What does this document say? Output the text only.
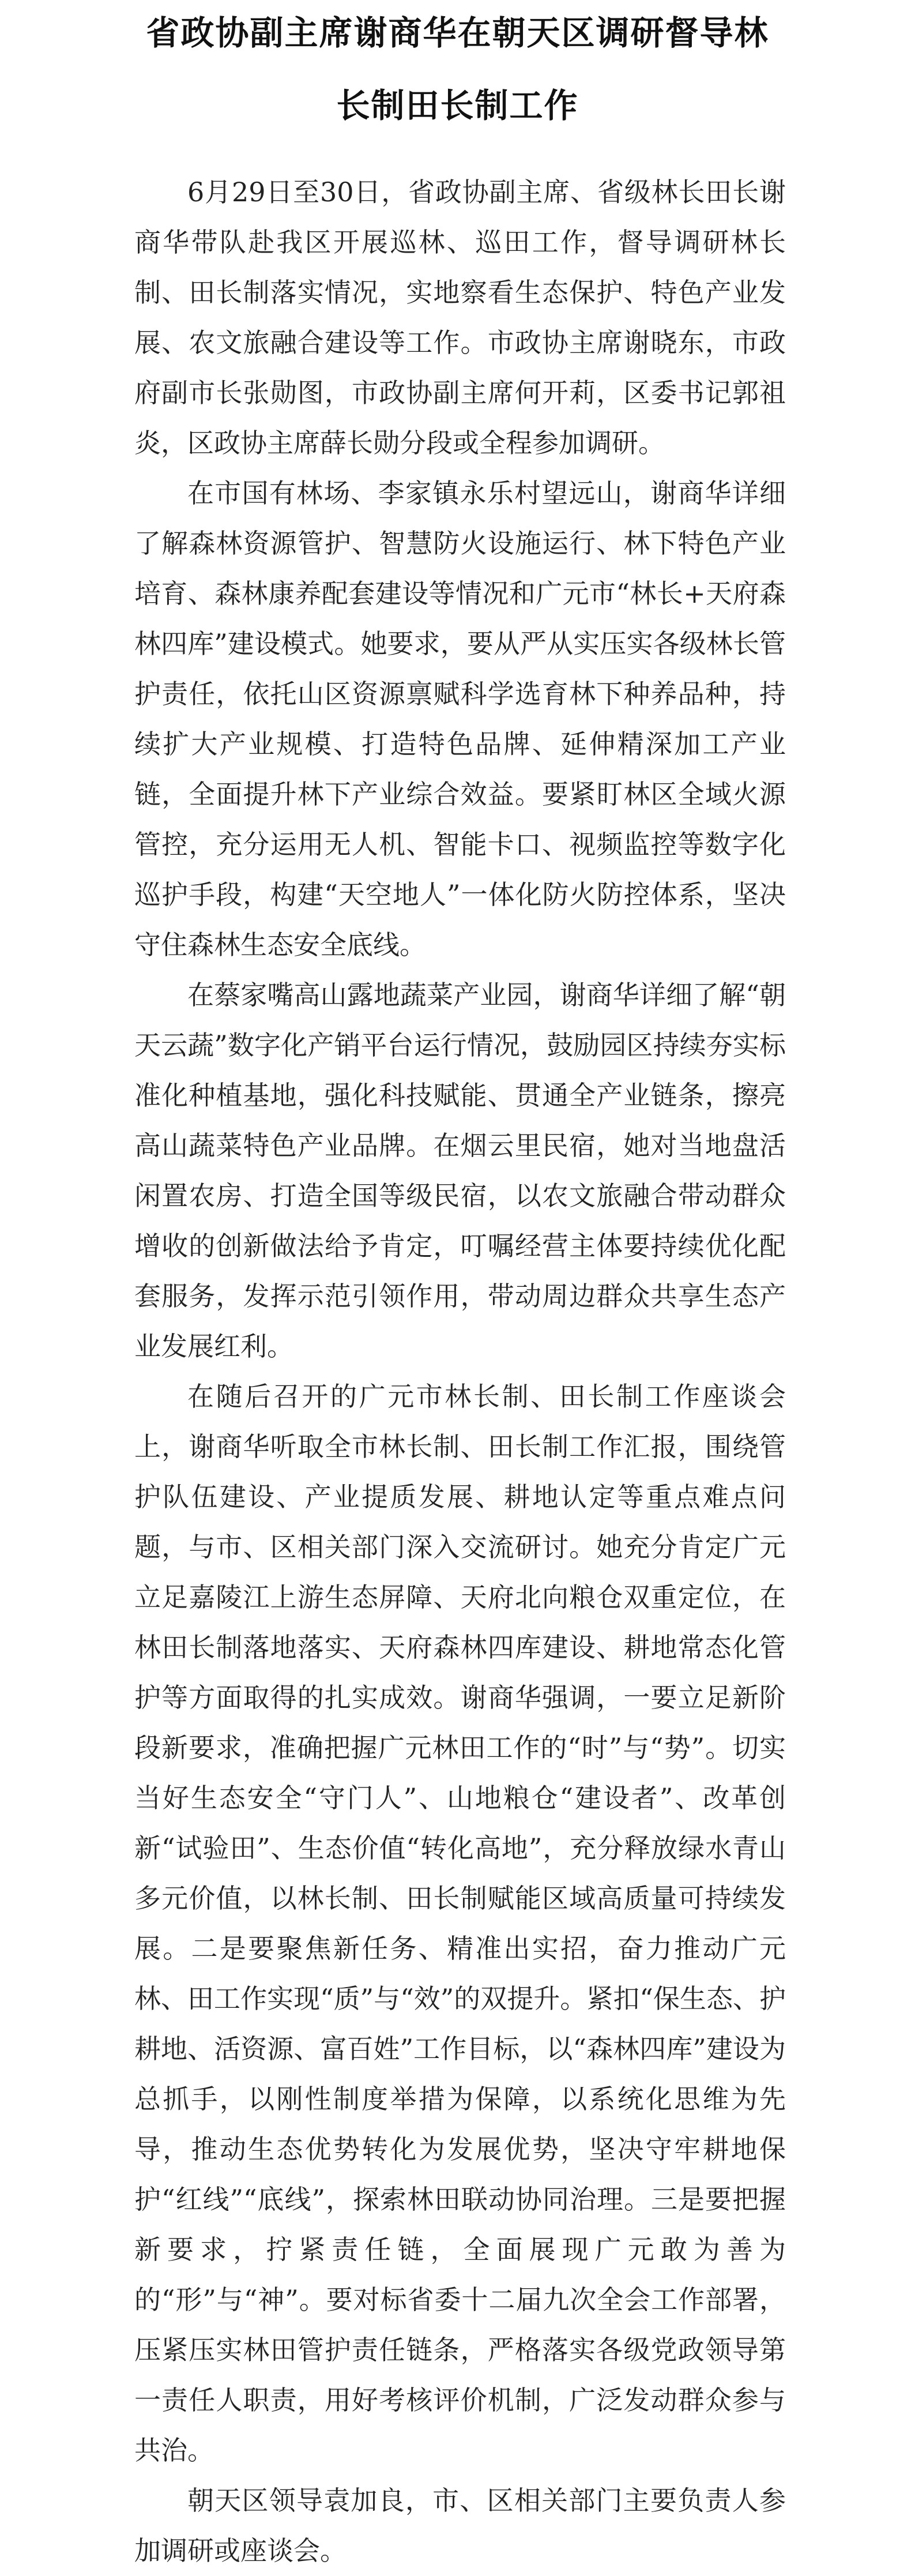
省政协副主席谢商华在朝天区调研督导林
长制田长制工作

6月29日至30日，省政协副主席、省级林长田长谢商华带队赴我区开展巡林、巡田工作，督导调研林长制、田长制落实情况，实地察看生态保护、特色产业发展、农文旅融合建设等工作。市政协主席谢晓东，市政府副市长张勋图，市政协副主席何开莉，区委书记郭祖炎，区政协主席薛长勋分段或全程参加调研。

在市国有林场、李家镇永乐村望远山，谢商华详细了解森林资源管护、智慧防火设施运行、林下特色产业培育、森林康养配套建设等情况和广元市“林长+天府森林四库”建设模式。她要求，要从严从实压实各级林长管护责任，依托山区资源禀赋科学选育林下种养品种，持续扩大产业规模、打造特色品牌、延伸精深加工产业链，全面提升林下产业综合效益。要紧盯林区全域火源管控，充分运用无人机、智能卡口、视频监控等数字化巡护手段，构建“天空地人”一体化防火防控体系，坚决守住森林生态安全底线。

在蔡家嘴高山露地蔬菜产业园，谢商华详细了解“朝天云蔬”数字化产销平台运行情况，鼓励园区持续夯实标准化种植基地，强化科技赋能、贯通全产业链条，擦亮高山蔬菜特色产业品牌。在烟云里民宿，她对当地盘活闲置农房、打造全国等级民宿，以农文旅融合带动群众增收的创新做法给予肯定，叮嘱经营主体要持续优化配套服务，发挥示范引领作用，带动周边群众共享生态产业发展红利。

在随后召开的广元市林长制、田长制工作座谈会上，谢商华听取全市林长制、田长制工作汇报，围绕管护队伍建设、产业提质发展、耕地认定等重点难点问题，与市、区相关部门深入交流研讨。她充分肯定广元立足嘉陵江上游生态屏障、天府北向粮仓双重定位，在林田长制落地落实、天府森林四库建设、耕地常态化管护等方面取得的扎实成效。谢商华强调，一要立足新阶段新要求，准确把握广元林田工作的“时”与“势”。切实当好生态安全“守门人”、山地粮仓“建设者”、改革创新“试验田”、生态价值“转化高地”，充分释放绿水青山多元价值，以林长制、田长制赋能区域高质量可持续发展。二是要聚焦新任务、精准出实招，奋力推动广元林、田工作实现“质”与“效”的双提升。紧扣“保生态、护耕地、活资源、富百姓”工作目标，以“森林四库”建设为总抓手，以刚性制度举措为保障，以系统化思维为先导，推动生态优势转化为发展优势，坚决守牢耕地保护“红线”“底线”，探索林田联动协同治理。三是要把握新要求，拧紧责任链，全面展现广元敢为善为的“形”与“神”。要对标省委十二届九次全会工作部署，压紧压实林田管护责任链条，严格落实各级党政领导第一责任人职责，用好考核评价机制，广泛发动群众参与共治。

朝天区领导袁加良，市、区相关部门主要负责人参加调研或座谈会。
